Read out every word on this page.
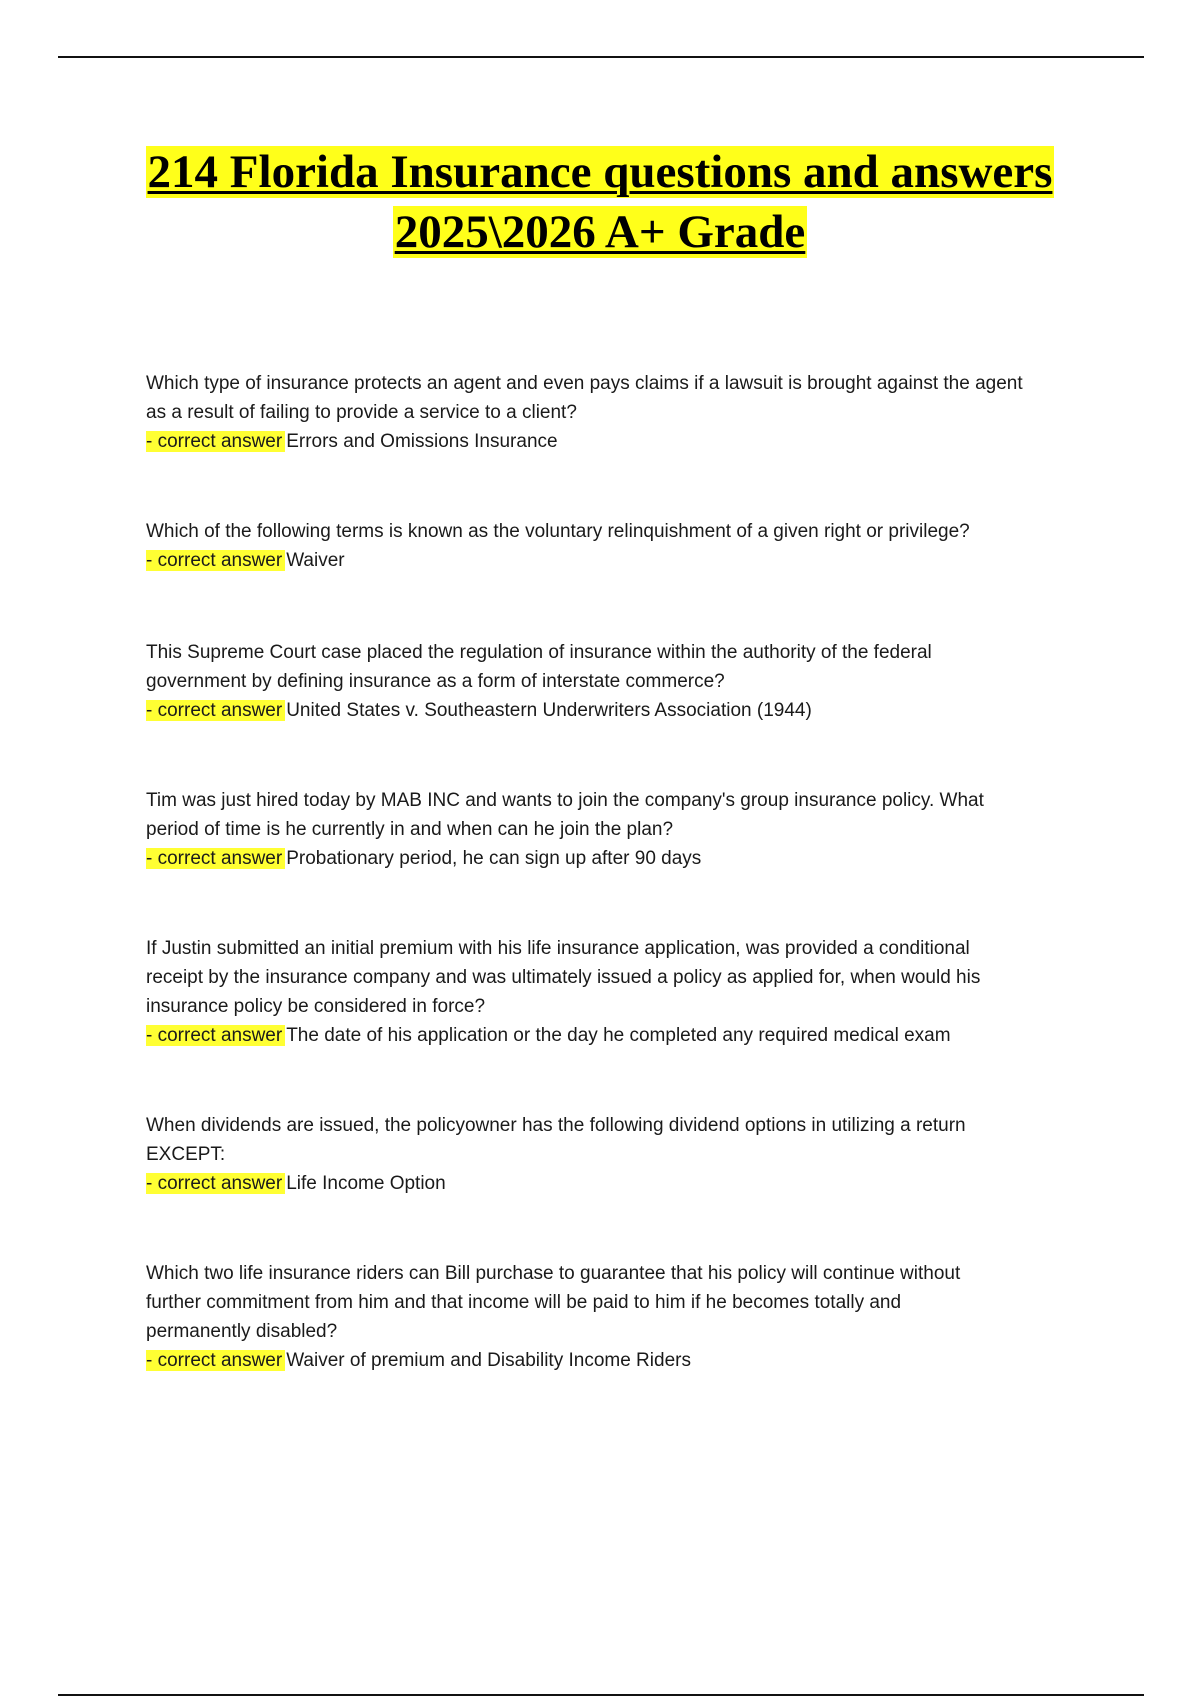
214 Florida Insurance questions and answers
2025\2026 A+ Grade

Which type of insurance protects an agent and even pays claims if a lawsuit is brought against the agent
as a result of failing to provide a service to a client?

- correct answer Errors and Omissions Insurance

Which of the following terms is known as the voluntary relinquishment of a given right or privilege?

- correct answer Waiver

This Supreme Court case placed the regulation of insurance within the authority of the federal
government by defining insurance as a form of interstate commerce?

- correct answer United States v. Southeastern Underwriters Association (1944)

Tim was just hired today by MAB INC and wants to join the company's group insurance policy. What
period of time is he currently in and when can he join the plan?

- correct answer Probationary period, he can sign up after 90 days

If Justin submitted an initial premium with his life insurance application, was provided a conditional
receipt by the insurance company and was ultimately issued a policy as applied for, when would his
insurance policy be considered in force?

- correct answer The date of his application or the day he completed any required medical exam

When dividends are issued, the policyowner has the following dividend options in utilizing a return
EXCEPT:

- correct answer Life Income Option

Which two life insurance riders can Bill purchase to guarantee that his policy will continue without
further commitment from him and that income will be paid to him if he becomes totally and
permanently disabled?

- correct answer Waiver of premium and Disability Income Riders
